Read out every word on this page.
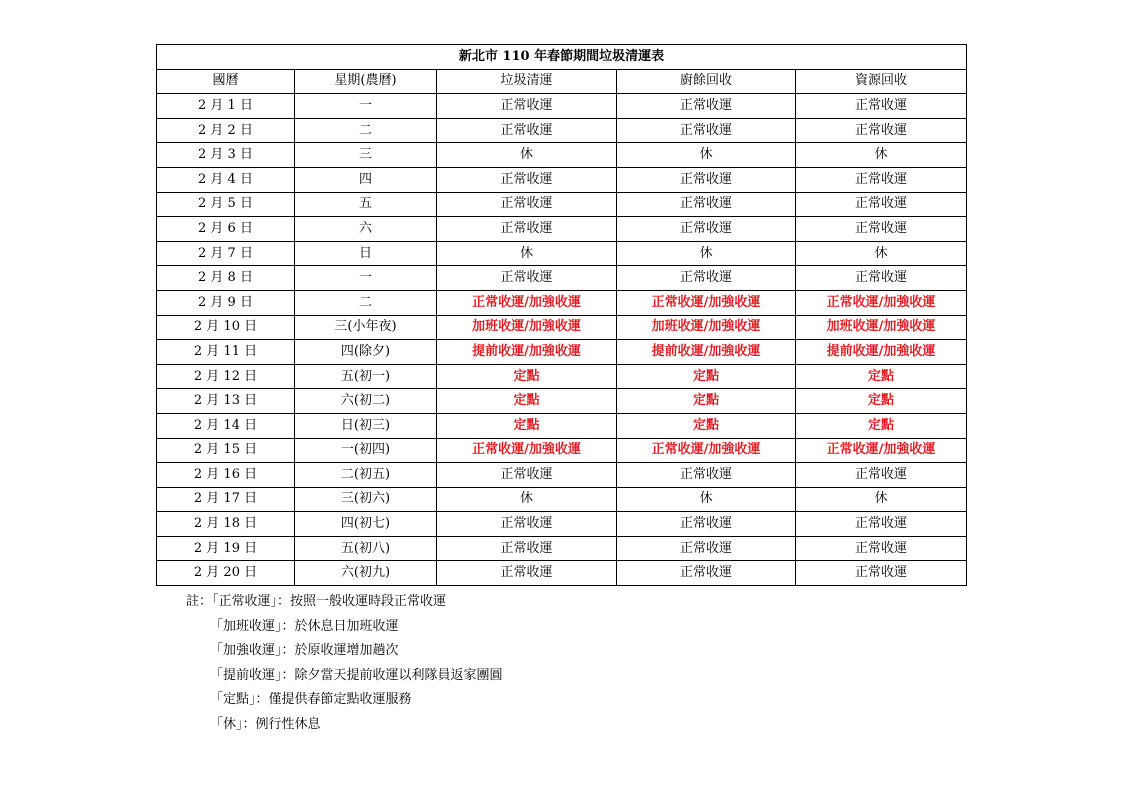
新北市 110 年春節期間垃圾清運表				
國曆	星期(農曆)	垃圾清運	廚餘回收	資源回收
2 月 1 日	一	正常收運	正常收運	正常收運
2 月 2 日	二	正常收運	正常收運	正常收運
2 月 3 日	三	休	休	休
2 月 4 日	四	正常收運	正常收運	正常收運
2 月 5 日	五	正常收運	正常收運	正常收運
2 月 6 日	六	正常收運	正常收運	正常收運
2 月 7 日	日	休	休	休
2 月 8 日	一	正常收運	正常收運	正常收運
2 月 9 日	二	正常收運/加強收運	正常收運/加強收運	正常收運/加強收運
2 月 10 日	三(小年夜)	加班收運/加強收運	加班收運/加強收運	加班收運/加強收運
2 月 11 日	四(除夕)	提前收運/加強收運	提前收運/加強收運	提前收運/加強收運
2 月 12 日	五(初一)	定點	定點	定點
2 月 13 日	六(初二)	定點	定點	定點
2 月 14 日	日(初三)	定點	定點	定點
2 月 15 日	一(初四)	正常收運/加強收運	正常收運/加強收運	正常收運/加強收運
2 月 16 日	二(初五)	正常收運	正常收運	正常收運
2 月 17 日	三(初六)	休	休	休
2 月 18 日	四(初七)	正常收運	正常收運	正常收運
2 月 19 日	五(初八)	正常收運	正常收運	正常收運
2 月 20 日	六(初九)	正常收運	正常收運	正常收運
註：「正常收運」：按照一般收運時段正常收運
「加班收運」：於休息日加班收運
「加強收運」：於原收運增加趟次
「提前收運」：除夕當天提前收運以利隊員返家團圓
「定點」：僅提供春節定點收運服務
「休」：例行性休息
